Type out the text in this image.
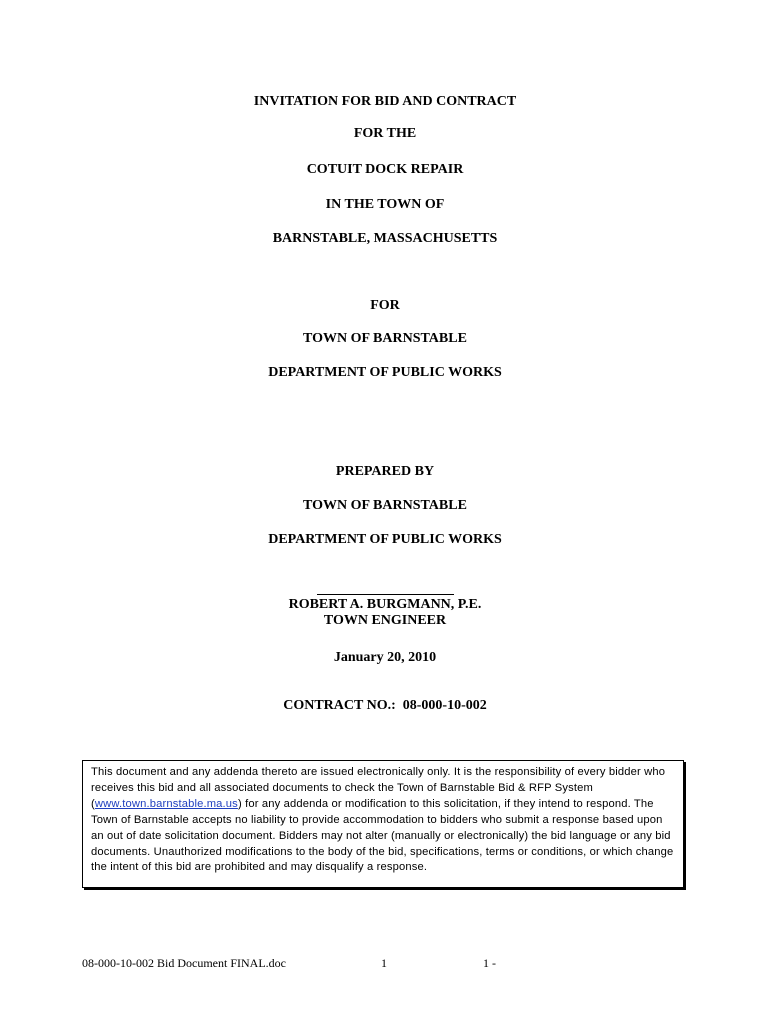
INVITATION FOR BID AND CONTRACT
FOR THE
COTUIT DOCK REPAIR
IN THE TOWN OF
BARNSTABLE, MASSACHUSETTS
FOR
TOWN OF BARNSTABLE
DEPARTMENT OF PUBLIC WORKS
PREPARED BY
TOWN OF BARNSTABLE
DEPARTMENT OF PUBLIC WORKS
ROBERT A. BURGMANN, P.E.
TOWN ENGINEER
January 20, 2010
CONTRACT NO.:  08-000-10-002
This document and any addenda thereto are issued electronically only. It is the responsibility of every bidder who receives this bid and all associated documents to check the Town of Barnstable Bid & RFP System (www.town.barnstable.ma.us) for any addenda or modification to this solicitation, if they intend to respond. The Town of Barnstable accepts no liability to provide accommodation to bidders who submit a response based upon an out of date solicitation document. Bidders may not alter (manually or electronically) the bid language or any bid documents. Unauthorized modifications to the body of the bid, specifications, terms or conditions, or which change the intent of this bid are prohibited and may disqualify a response.
08-000-10-002 Bid Document FINAL.doc	1	1 -
